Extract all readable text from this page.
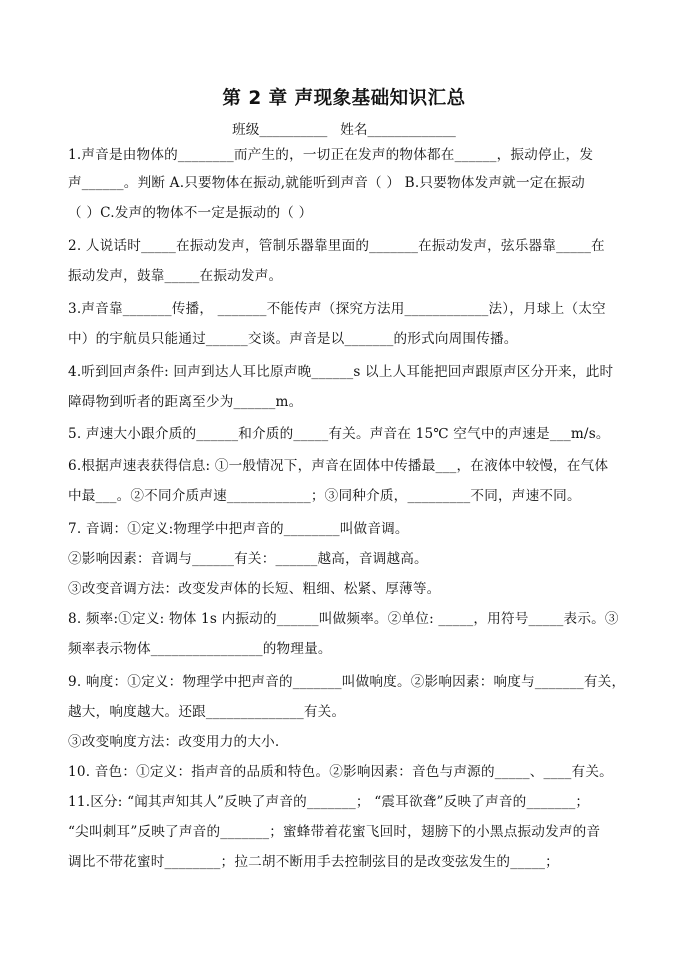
第 2 章 声现象基础知识汇总
班级__________ 姓名_____________
1.声音是由物体的________而产生的，一切正在发声的物体都在______，振动停止，发
声______。判断 A.只要物体在振动,就能听到声音（ ） B.只要物体发声就一定在振动
（ ）C.发声的物体不一定是振动的（ ）
2. 人说话时_____在振动发声，管制乐器靠里面的_______在振动发声，弦乐器靠_____在
振动发声，鼓靠_____在振动发声。
3.声音靠_______传播， _______不能传声（探究方法用____________法），月球上（太空
中）的宇航员只能通过______交谈。声音是以_______的形式向周围传播。
4.听到回声条件: 回声到达人耳比原声晚______s 以上人耳能把回声跟原声区分开来，此时
障碍物到听者的距离至少为______m。
5. 声速大小跟介质的______和介质的_____有关。声音在 15℃ 空气中的声速是___m/s。
6.根据声速表获得信息: ①一般情况下，声音在固体中传播最___，在液体中较慢，在气体
中最___。②不同介质声速____________；③同种介质，_________不同，声速不同。
7. 音调：①定义:物理学中把声音的________叫做音调。
②影响因素：音调与______有关：______越高，音调越高。
③改变音调方法：改变发声体的长短、粗细、松紧、厚薄等。
8. 频率:①定义: 物体 1s 内振动的______叫做频率。②单位: _____，用符号_____表示。③
频率表示物体________________的物理量。
9. 响度：①定义：物理学中把声音的_______叫做响度。②影响因素：响度与_______有关，
越大，响度越大。还跟______________有关。
③改变响度方法：改变用力的大小.
10. 音色：①定义：指声音的品质和特色。②影响因素：音色与声源的_____、____有关。
11.区分: “闻其声知其人”反映了声音的_______； “震耳欲聋”反映了声音的_______；
“尖叫刺耳”反映了声音的_______；蜜蜂带着花蜜飞回时，翅膀下的小黑点振动发声的音
调比不带花蜜时________；拉二胡不断用手去控制弦目的是改变弦发生的_____；
